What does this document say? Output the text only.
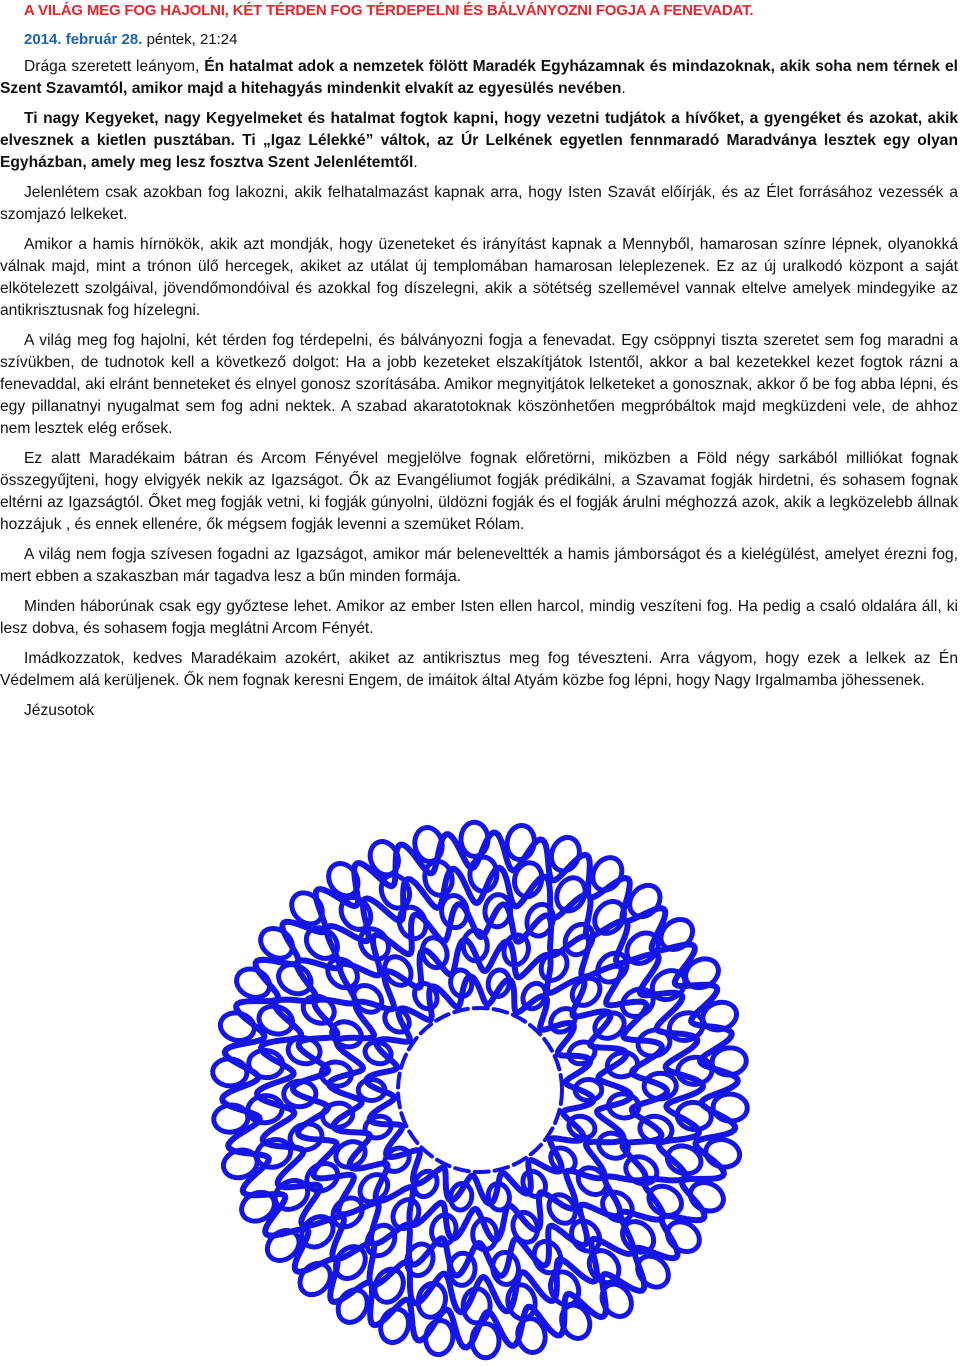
A VILÁG MEG FOG HAJOLNI, KÉT TÉRDEN FOG TÉRDEPELNI ÉS BÁLVÁNYOZNI FOGJA A FENEVADAT.

2014. február 28. péntek, 21:24

Drága szeretett leányom, Én hatalmat adok a nemzetek fölött Maradék Egyházamnak és mindazoknak, akik soha nem térnek el Szent Szavamtól, amikor majd a hitehagyás mindenkit elvakít az egyesülés nevében.

Ti nagy Kegyeket, nagy Kegyelmeket és hatalmat fogtok kapni, hogy vezetni tudjátok a hívőket, a gyengéket és azokat, akik elvesznek a kietlen pusztában. Ti „Igaz Lélekké” váltok, az Úr Lelkének egyetlen fennmaradó Maradványa lesztek egy olyan Egyházban, amely meg lesz fosztva Szent Jelenlétemtől.

Jelenlétem csak azokban fog lakozni, akik felhatalmazást kapnak arra, hogy Isten Szavát előírják, és az Élet forrásához vezessék a szomjazó lelkeket.

Amikor a hamis hírnökök, akik azt mondják, hogy üzeneteket és irányítást kapnak a Mennyből, hamarosan színre lépnek, olyanokká válnak majd, mint a trónon ülő hercegek, akiket az utálat új templomában hamarosan leleplezenek. Ez az új uralkodó központ a saját elkötelezett szolgáival, jövendőmondóival és azokkal fog díszelegni, akik a sötétség szellemével vannak eltelve amelyek mindegyike az antikrisztusnak fog hízelegni.

A világ meg fog hajolni, két térden fog térdepelni, és bálványozni fogja a fenevadat. Egy csöppnyi tiszta szeretet sem fog maradni a szívükben, de tudnotok kell a következő dolgot: Ha a jobb kezeteket elszakítjátok Istentől, akkor a bal kezetekkel kezet fogtok rázni a fenevaddal, aki elránt benneteket és elnyel gonosz szorításába. Amikor megnyitjátok lelketeket a gonosznak, akkor ő be fog abba lépni, és egy pillanatnyi nyugalmat sem fog adni nektek. A szabad akaratotoknak köszönhetően megpróbáltok majd megküzdeni vele, de ahhoz nem lesztek elég erősek.

Ez alatt Maradékaim bátran és Arcom Fényével megjelölve fognak előretörni, miközben a Föld négy sarkából milliókat fognak összegyűjteni, hogy elvigyék nekik az Igazságot. Ők az Evangéliumot fogják prédikálni, a Szavamat fogják hirdetni, és sohasem fognak eltérni az Igazságtól. Őket meg fogják vetni, ki fogják gúnyolni, üldözni fogják és el fogják árulni méghozzá azok, akik a legközelebb állnak hozzájuk , és ennek ellenére, ők mégsem fogják levenni a szemüket Rólam.

A világ nem fogja szívesen fogadni az Igazságot, amikor már beleneveltték a hamis jámborságot és a kielégülést, amelyet érezni fog, mert ebben a szakaszban már tagadva lesz a bűn minden formája.

Minden háborúnak csak egy győztese lehet. Amikor az ember Isten ellen harcol, mindig veszíteni fog. Ha pedig a csaló oldalára áll, ki lesz dobva, és sohasem fogja meglátni Arcom Fényét.

Imádkozzatok, kedves Maradékaim azokért, akiket az antikrisztus meg fog téveszteni. Arra vágyom, hogy ezek a lelkek az Én Védelmem alá kerüljenek. Ők nem fognak keresni Engem, de imáitok által Atyám közbe fog lépni, hogy Nagy Irgalmamba jöhessenek.

Jézusotok
